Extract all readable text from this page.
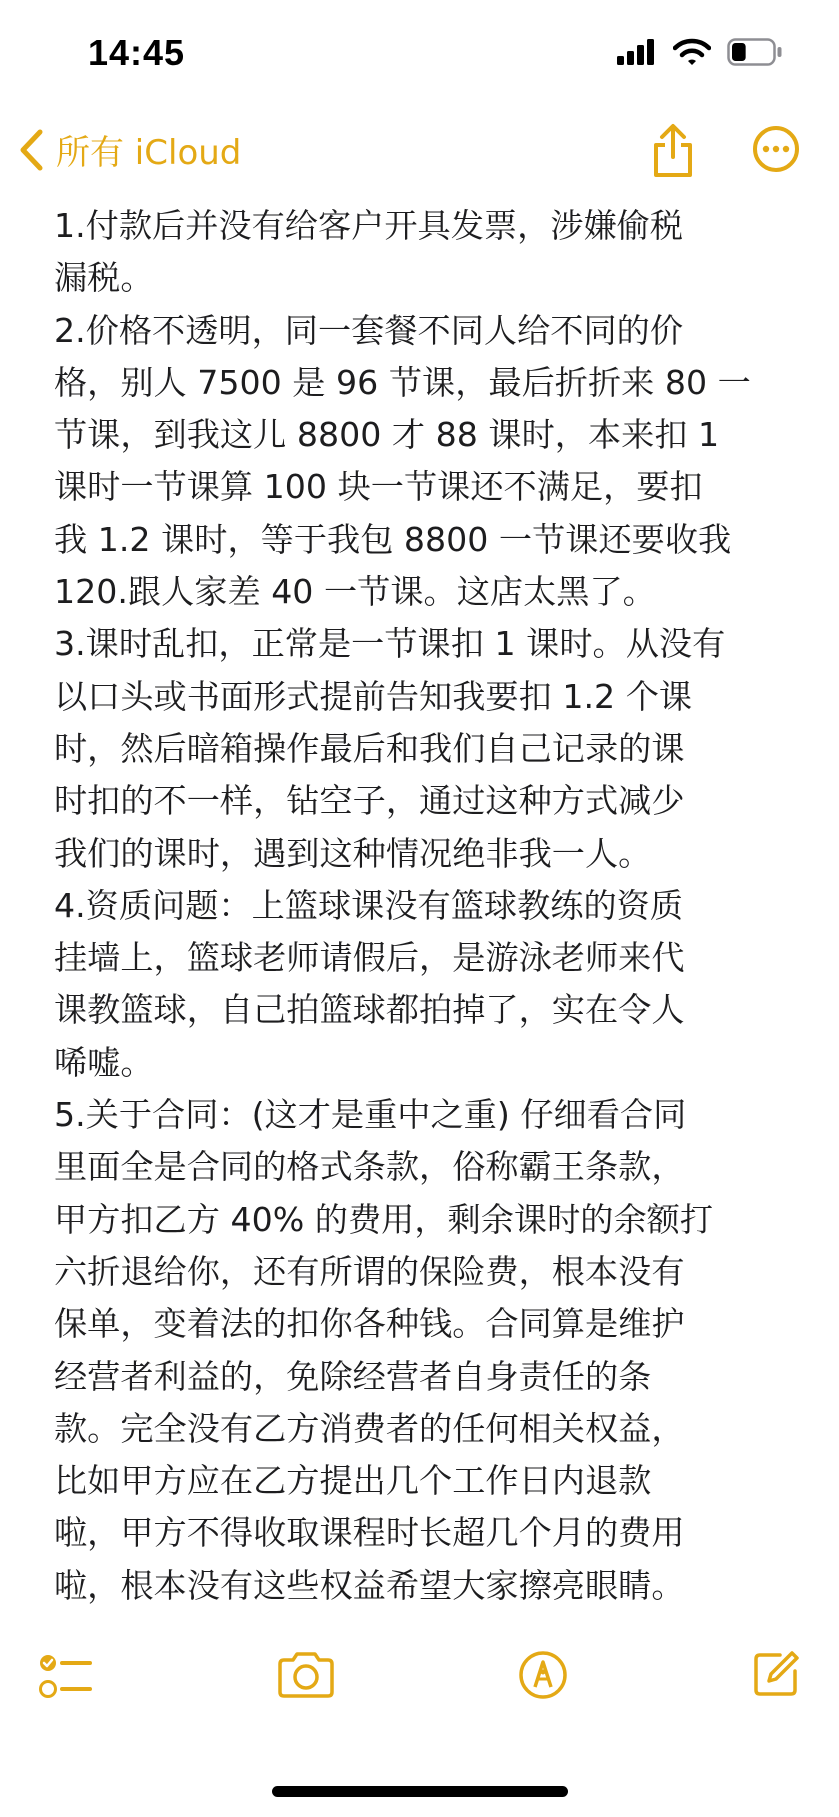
14:45
所有 iCloud
1.付款后并没有给客户开具发票，涉嫌偷税
漏税。
2.价格不透明，同一套餐不同人给不同的价
格，别人 7500 是 96 节课，最后折折来 80 一
节课，到我这儿 8800 才 88 课时，本来扣 1
课时一节课算 100 块一节课还不满足，要扣
我 1.2 课时，等于我包 8800 一节课还要收我
120.跟人家差 40 一节课。这店太黑了。
3.课时乱扣，正常是一节课扣 1 课时。从没有
以口头或书面形式提前告知我要扣 1.2 个课
时，然后暗箱操作最后和我们自己记录的课
时扣的不一样，钻空子，通过这种方式减少
我们的课时，遇到这种情况绝非我一人。
4.资质问题：上篮球课没有篮球教练的资质
挂墙上，篮球老师请假后，是游泳老师来代
课教篮球，自己拍篮球都拍掉了，实在令人
唏嘘。
5.关于合同：(这才是重中之重) 仔细看合同
里面全是合同的格式条款，俗称霸王条款，
甲方扣乙方 40% 的费用，剩余课时的余额打
六折退给你，还有所谓的保险费，根本没有
保单，变着法的扣你各种钱。合同算是维护
经营者利益的，免除经营者自身责任的条
款。完全没有乙方消费者的任何相关权益，
比如甲方应在乙方提出几个工作日内退款
啦，甲方不得收取课程时长超几个月的费用
啦，根本没有这些权益希望大家擦亮眼睛。
